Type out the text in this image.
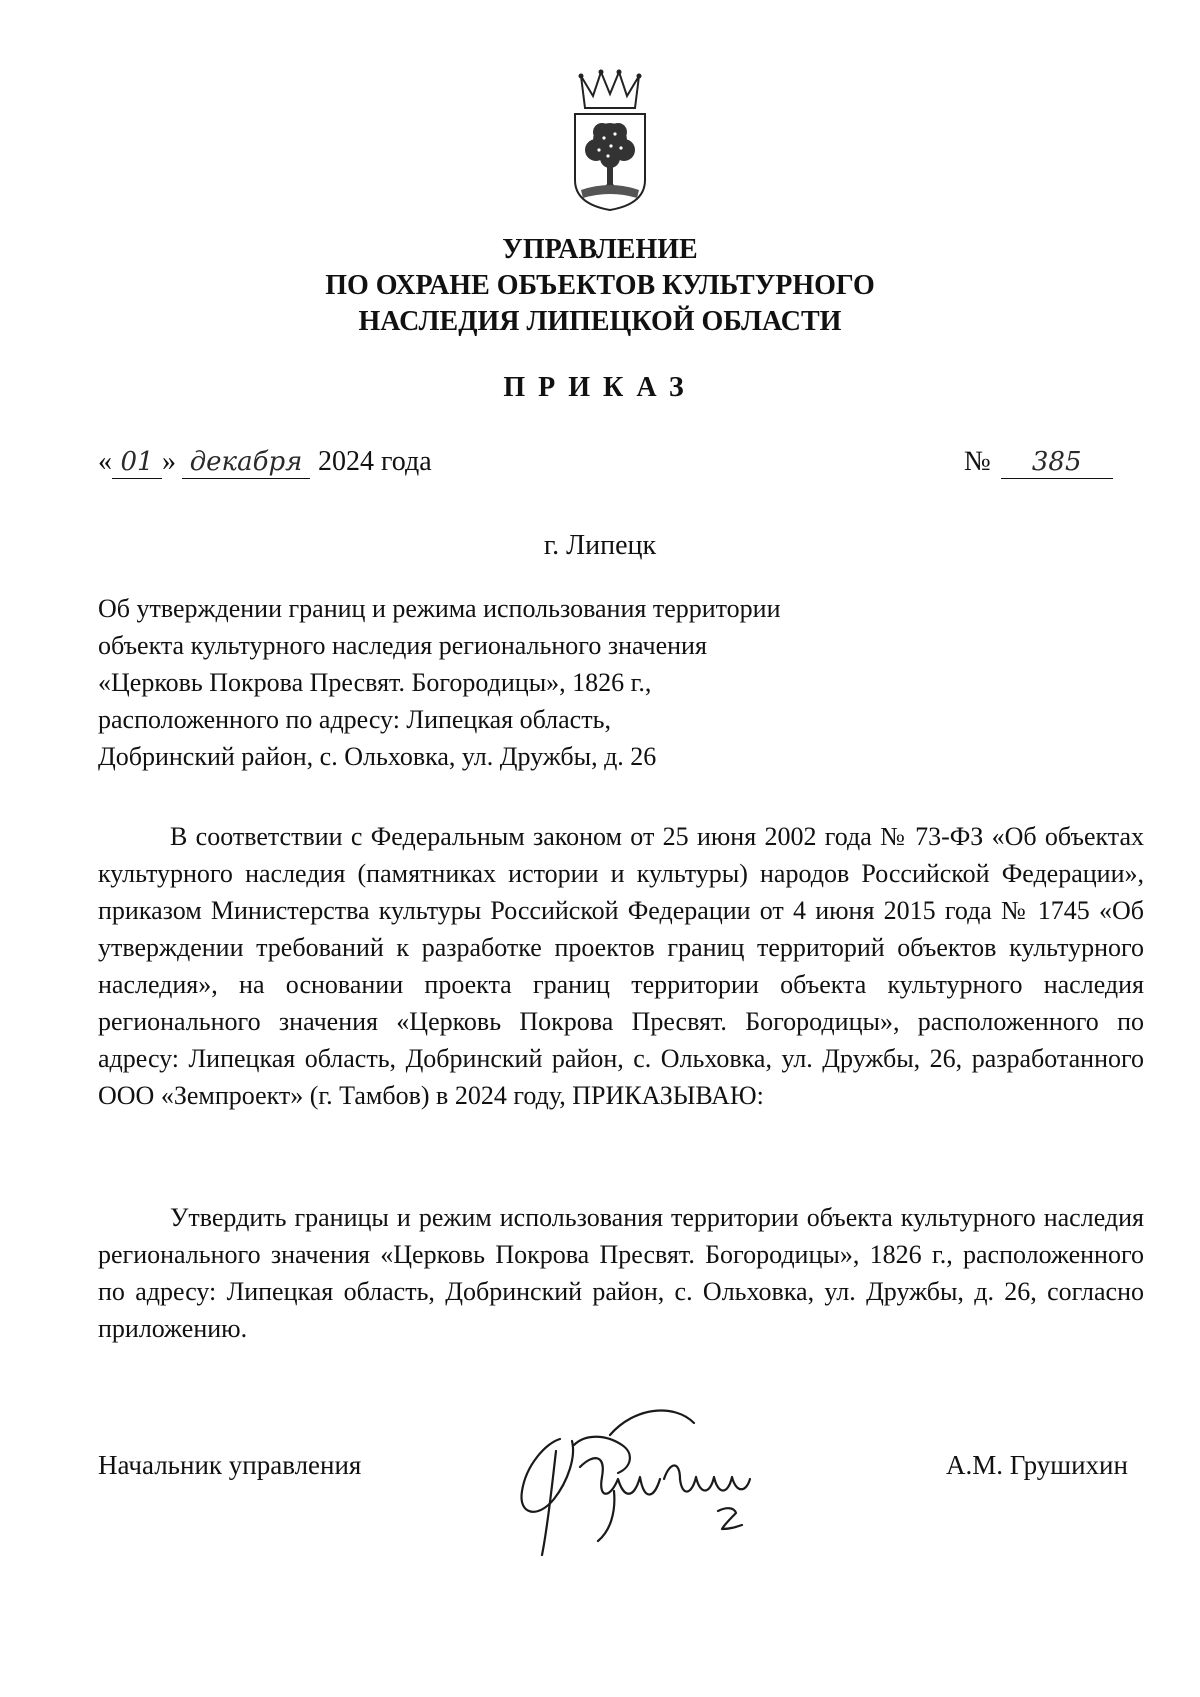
УПРАВЛЕНИЕ
ПО ОХРАНЕ ОБЪЕКТОВ КУЛЬТУРНОГО
НАСЛЕДИЯ ЛИПЕЦКОЙ ОБЛАСТИ
ПРИКАЗ
« 01 » декабря 2024 года	№ 385
г. Липецк
Об утверждении границ и режима использования территории
объекта культурного наследия регионального значения
«Церковь Покрова Пресвят. Богородицы», 1826 г.,
расположенного по адресу: Липецкая область,
Добринский район, с. Ольховка, ул. Дружбы, д. 26
В соответствии с Федеральным законом от 25 июня 2002 года № 73-ФЗ «Об объектах культурного наследия (памятниках истории и культуры) народов Российской Федерации», приказом Министерства культуры Российской Федерации от 4 июня 2015 года № 1745 «Об утверждении требований к разработке проектов границ территорий объектов культурного наследия», на основании проекта границ территории объекта культурного наследия регионального значения «Церковь Покрова Пресвят. Богородицы», расположенного по адресу: Липецкая область, Добринский район, с. Ольховка, ул. Дружбы, 26, разработанного ООО «Земпроект» (г. Тамбов) в 2024 году, ПРИКАЗЫВАЮ:
Утвердить границы и режим использования территории объекта культурного наследия регионального значения «Церковь Покрова Пресвят. Богородицы», 1826 г., расположенного по адресу: Липецкая область, Добринский район, с. Ольховка, ул. Дружбы, д. 26, согласно приложению.
Начальник управления	А.М. Грушихин
